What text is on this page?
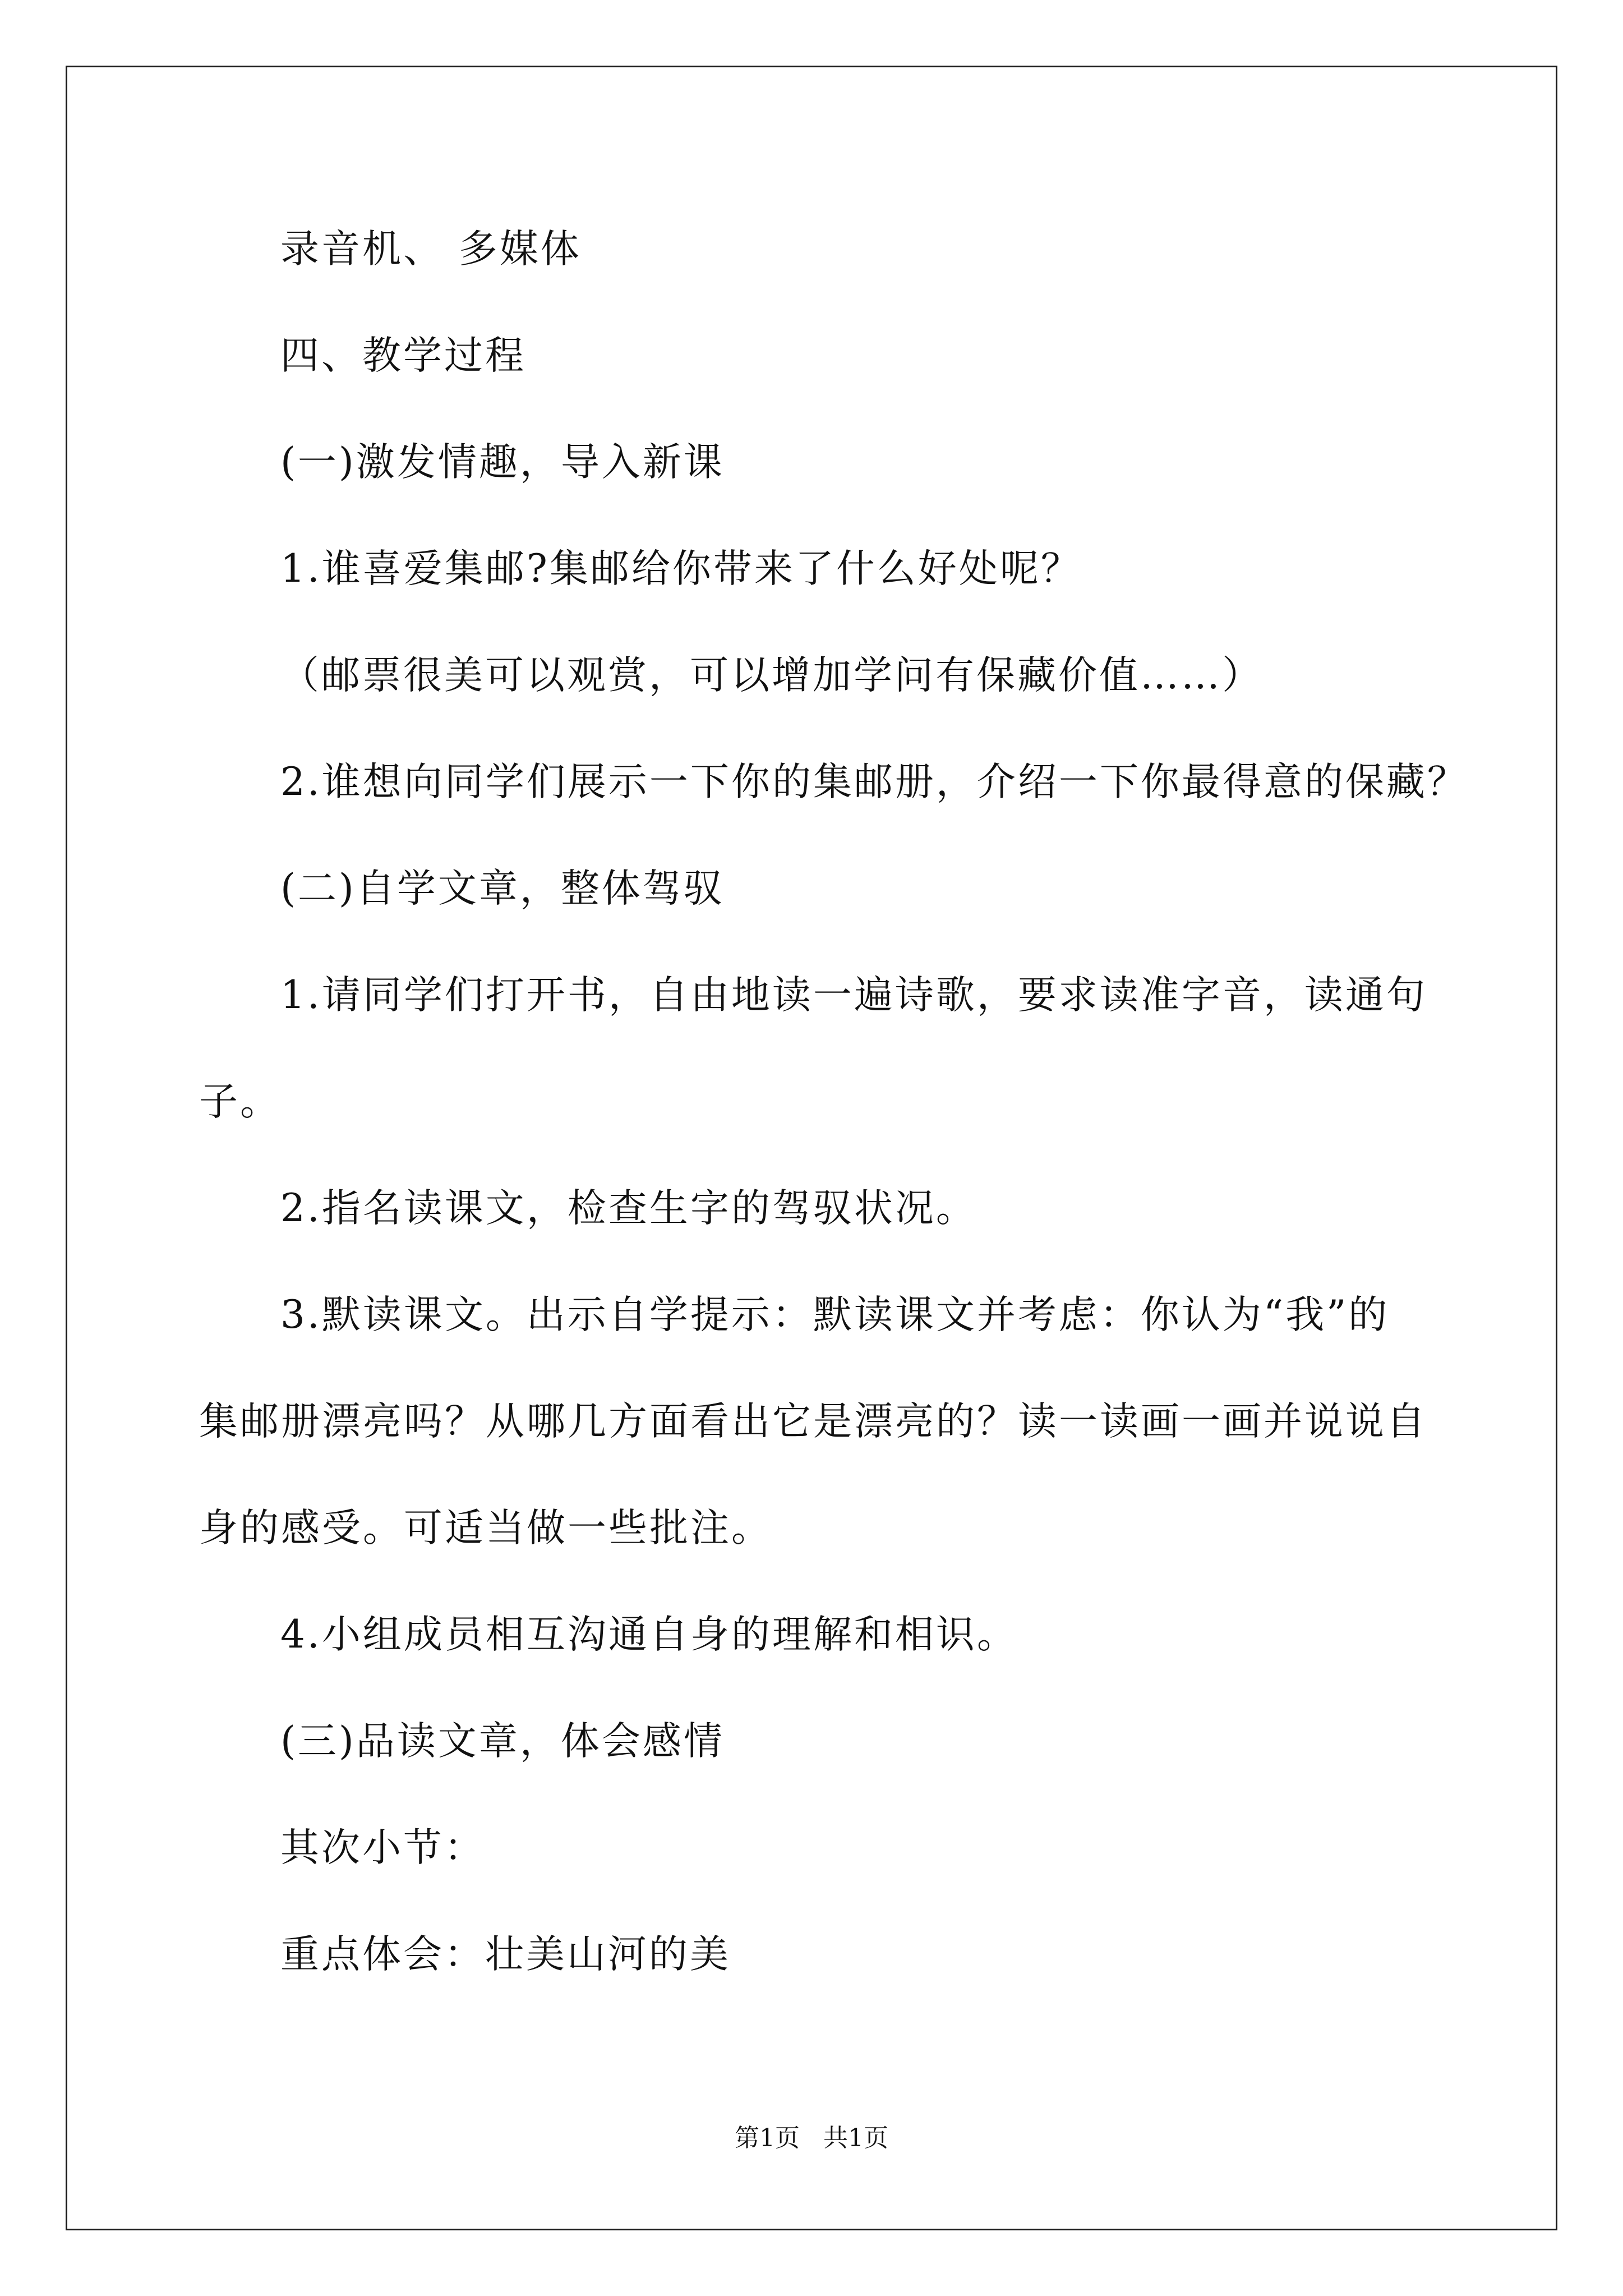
录音机、 多媒体
四、教学过程
(一)激发情趣，导入新课
1.谁喜爱集邮?集邮给你带来了什么好处呢？
（邮票很美可以观赏，可以增加学问有保藏价值……）
2.谁想向同学们展示一下你的集邮册，介绍一下你最得意的保藏？
(二)自学文章，整体驾驭
1.请同学们打开书，自由地读一遍诗歌，要求读准字音，读通句
子。
2.指名读课文，检查生字的驾驭状况。
3.默读课文。出示自学提示：默读课文并考虑：你认为“我”的
集邮册漂亮吗？从哪几方面看出它是漂亮的？读一读画一画并说说自
身的感受。可适当做一些批注。
4.小组成员相互沟通自身的理解和相识。
(三)品读文章，体会感情
其次小节：
重点体会：壮美山河的美
第1页 共1页
